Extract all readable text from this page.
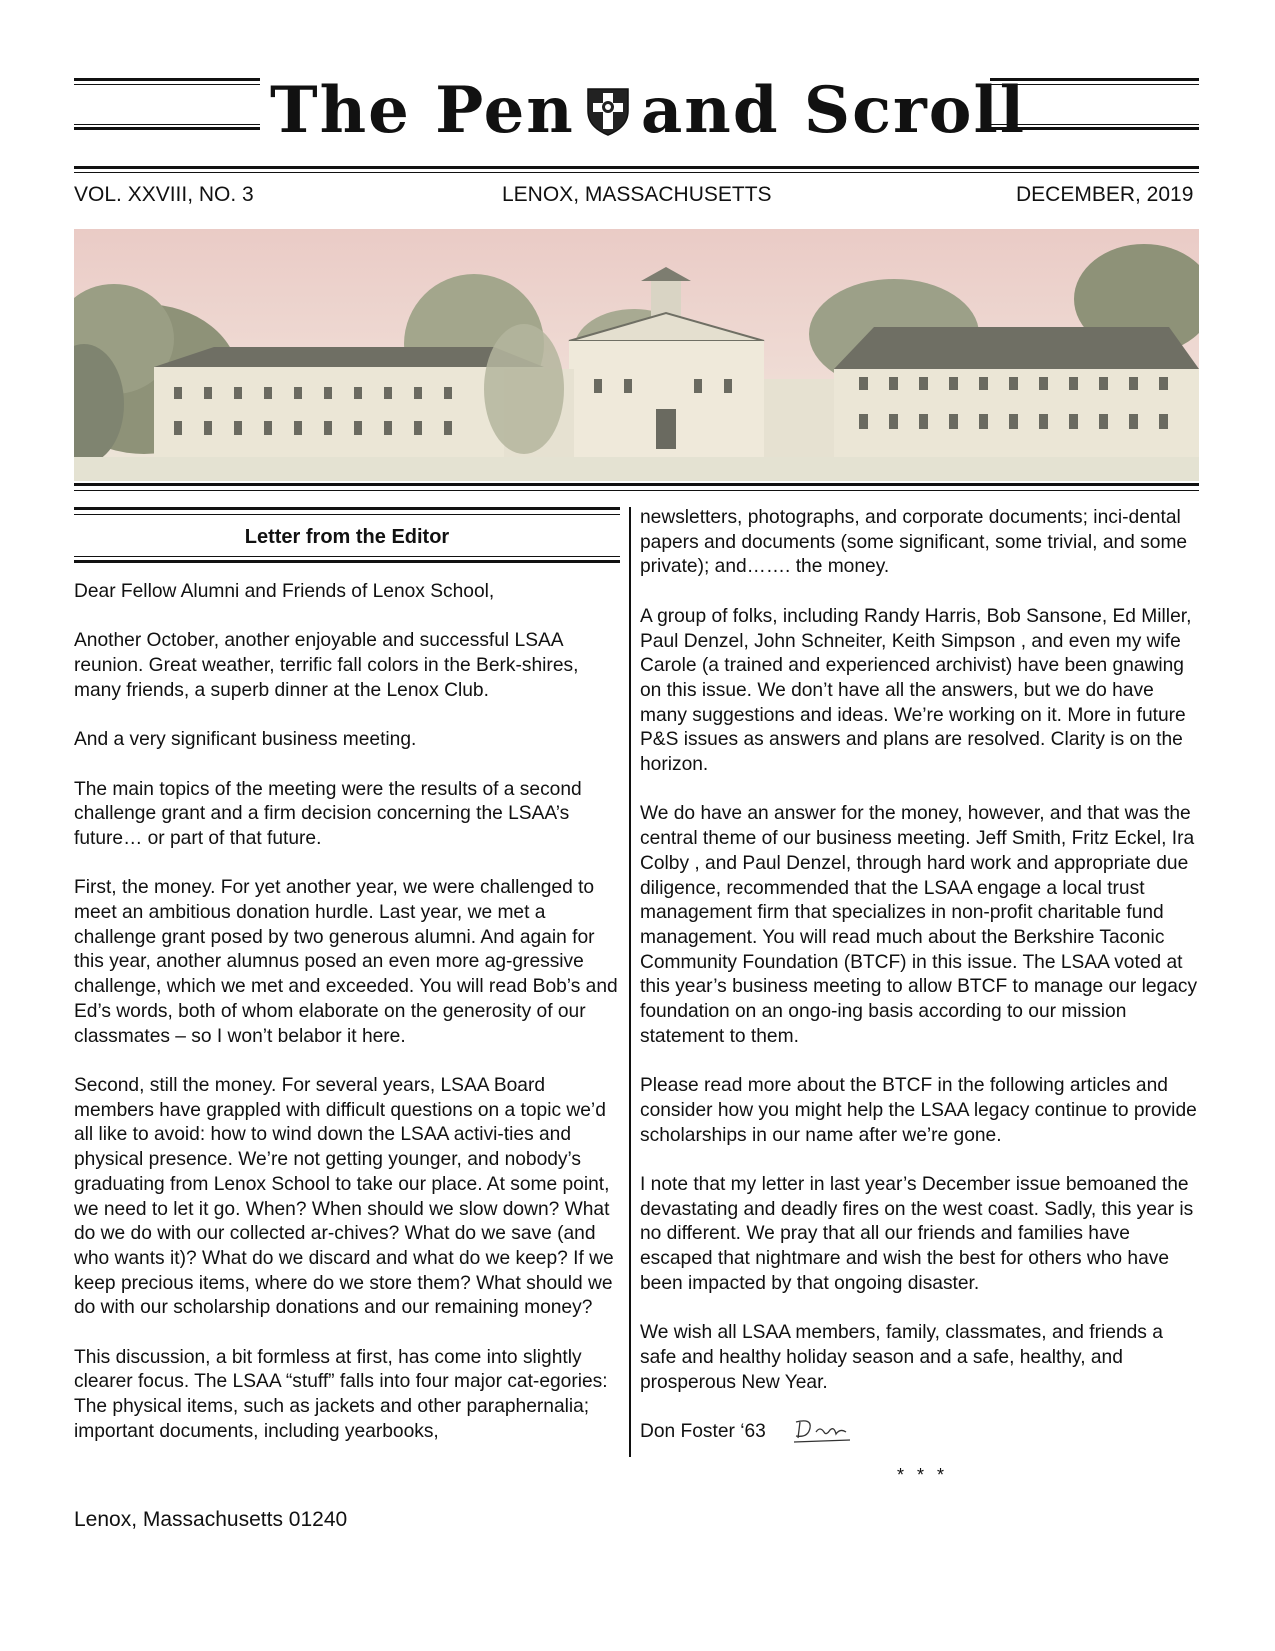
The Pen and Scroll
VOL. XXVIII, NO. 3	LENOX, MASSACHUSETTS	DECEMBER, 2019
Letter from the Editor

Dear Fellow Alumni and Friends of Lenox School,

Another October, another enjoyable and successful LSAA reunion. Great weather, terrific fall colors in the Berk-shires, many friends, a superb dinner at the Lenox Club.

And a very significant business meeting.

The main topics of the meeting were the results of a second challenge grant and a firm decision concerning the LSAA’s future… or part of that future.

First, the money. For yet another year, we were challenged to meet an ambitious donation hurdle. Last year, we met a challenge grant posed by two generous alumni. And again for this year, another alumnus posed an even more ag-gressive challenge, which we met and exceeded. You will read Bob’s and Ed’s words, both of whom elaborate on the generosity of our classmates – so I won’t belabor it here.

Second, still the money. For several years, LSAA Board members have grappled with difficult questions on a topic we’d all like to avoid: how to wind down the LSAA activi-ties and physical presence. We’re not getting younger, and nobody’s graduating from Lenox School to take our place. At some point, we need to let it go. When? When should we slow down? What do we do with our collected ar-chives? What do we save (and who wants it)? What do we discard and what do we keep? If we keep precious items, where do we store them? What should we do with our scholarship donations and our remaining money?

This discussion, a bit formless at first, has come into slightly clearer focus. The LSAA “stuff” falls into four major cat-egories: The physical items, such as jackets and other paraphernalia; important documents, including yearbooks,

newsletters, photographs, and corporate documents; inci-dental papers and documents (some significant, some trivial, and some private); and……. the money.

A group of folks, including Randy Harris, Bob Sansone, Ed Miller, Paul Denzel, John Schneiter, Keith Simpson , and even my wife Carole (a trained and experienced archivist) have been gnawing on this issue. We don’t have all the answers, but we do have many suggestions and ideas. We’re working on it. More in future P&S issues as answers and plans are resolved. Clarity is on the horizon.

We do have an answer for the money, however, and that was the central theme of our business meeting. Jeff Smith, Fritz Eckel, Ira Colby , and Paul Denzel, through hard work and appropriate due diligence, recommended that the LSAA engage a local trust management firm that specializes in non-profit charitable fund management. You will read much about the Berkshire Taconic Community Foundation (BTCF) in this issue. The LSAA voted at this year’s business meeting to allow BTCF to manage our legacy foundation on an ongo-ing basis according to our mission statement to them.

Please read more about the BTCF in the following articles and consider how you might help the LSAA legacy continue to provide scholarships in our name after we’re gone.

I note that my letter in last year’s December issue bemoaned the devastating and deadly fires on the west coast. Sadly, this year is no different. We pray that all our friends and families have escaped that nightmare and wish the best for others who have been impacted by that ongoing disaster.

We wish all LSAA members, family, classmates, and friends a safe and healthy holiday season and a safe, healthy, and prosperous New Year.

Don Foster ‘63
* * *
Lenox, Massachusetts 01240
